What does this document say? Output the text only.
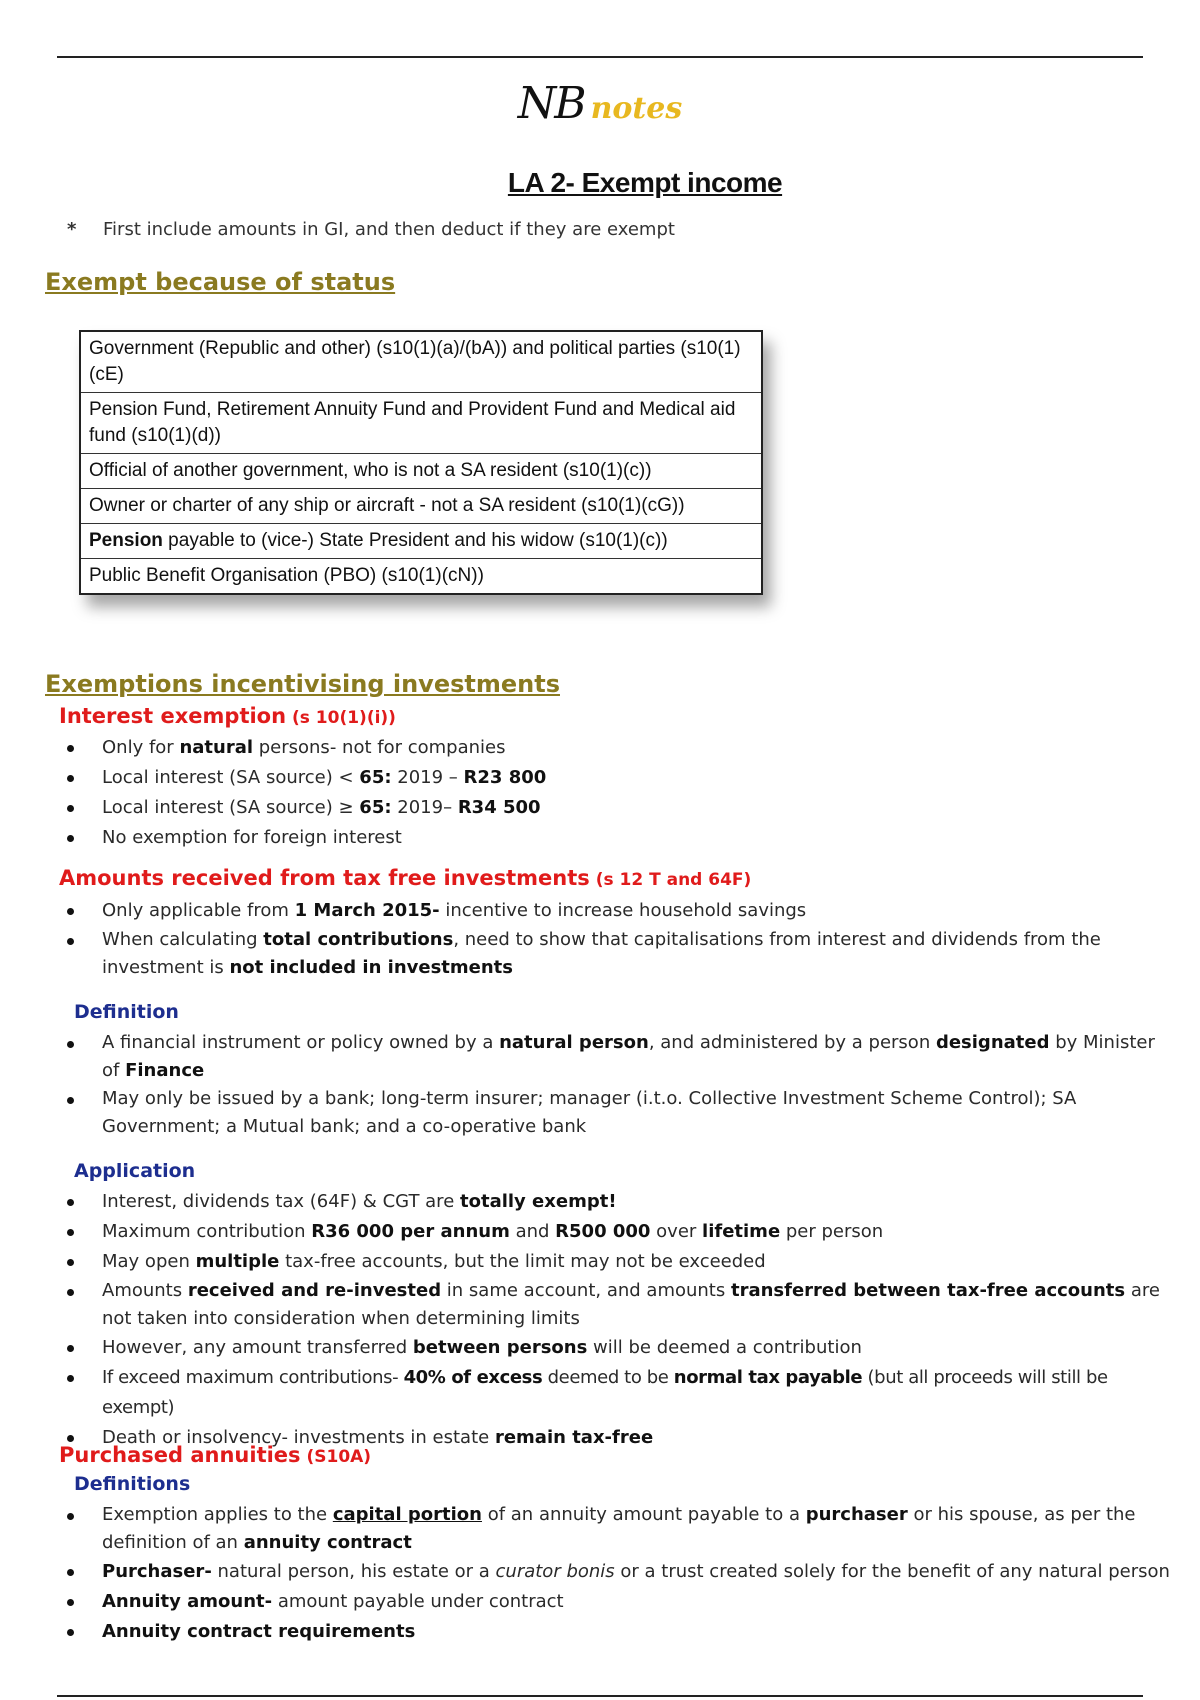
NB notes
LA 2- Exempt income
* First include amounts in GI, and then deduct if they are exempt
Exempt because of status
Government (Republic and other) (s10(1)(a)/(bA)) and political parties (s10(1)(cE)
Pension Fund, Retirement Annuity Fund and Provident Fund and Medical aid fund (s10(1)(d))
Official of another government, who is not a SA resident (s10(1)(c))
Owner or charter of any ship or aircraft - not a SA resident (s10(1)(cG))
Pension payable to (vice-) State President and his widow (s10(1)(c))
Public Benefit Organisation (PBO) (s10(1)(cN))
Exemptions incentivising investments
Interest exemption (s 10(1)(i))
Only for natural persons- not for companies
Local interest (SA source) < 65: 2019 – R23 800
Local interest (SA source) ≥ 65: 2019– R34 500
No exemption for foreign interest
Amounts received from tax free investments (s 12 T and 64F)
Only applicable from 1 March 2015- incentive to increase household savings
When calculating total contributions, need to show that capitalisations from interest and dividends from the investment is not included in investments
Definition
A financial instrument or policy owned by a natural person, and administered by a person designated by Minister of Finance
May only be issued by a bank; long-term insurer; manager (i.t.o. Collective Investment Scheme Control); SA Government; a Mutual bank; and a co-operative bank
Application
Interest, dividends tax (64F) & CGT are totally exempt!
Maximum contribution R36 000 per annum and R500 000 over lifetime per person
May open multiple tax-free accounts, but the limit may not be exceeded
Amounts received and re-invested in same account, and amounts transferred between tax-free accounts are not taken into consideration when determining limits
However, any amount transferred between persons will be deemed a contribution
If exceed maximum contributions- 40% of excess deemed to be normal tax payable (but all proceeds will still be exempt)
Death or insolvency- investments in estate remain tax-free
Purchased annuities (S10A)
Definitions
Exemption applies to the capital portion of an annuity amount payable to a purchaser or his spouse, as per the definition of an annuity contract
Purchaser- natural person, his estate or a curator bonis or a trust created solely for the benefit of any natural person
Annuity amount- amount payable under contract
Annuity contract requirements
